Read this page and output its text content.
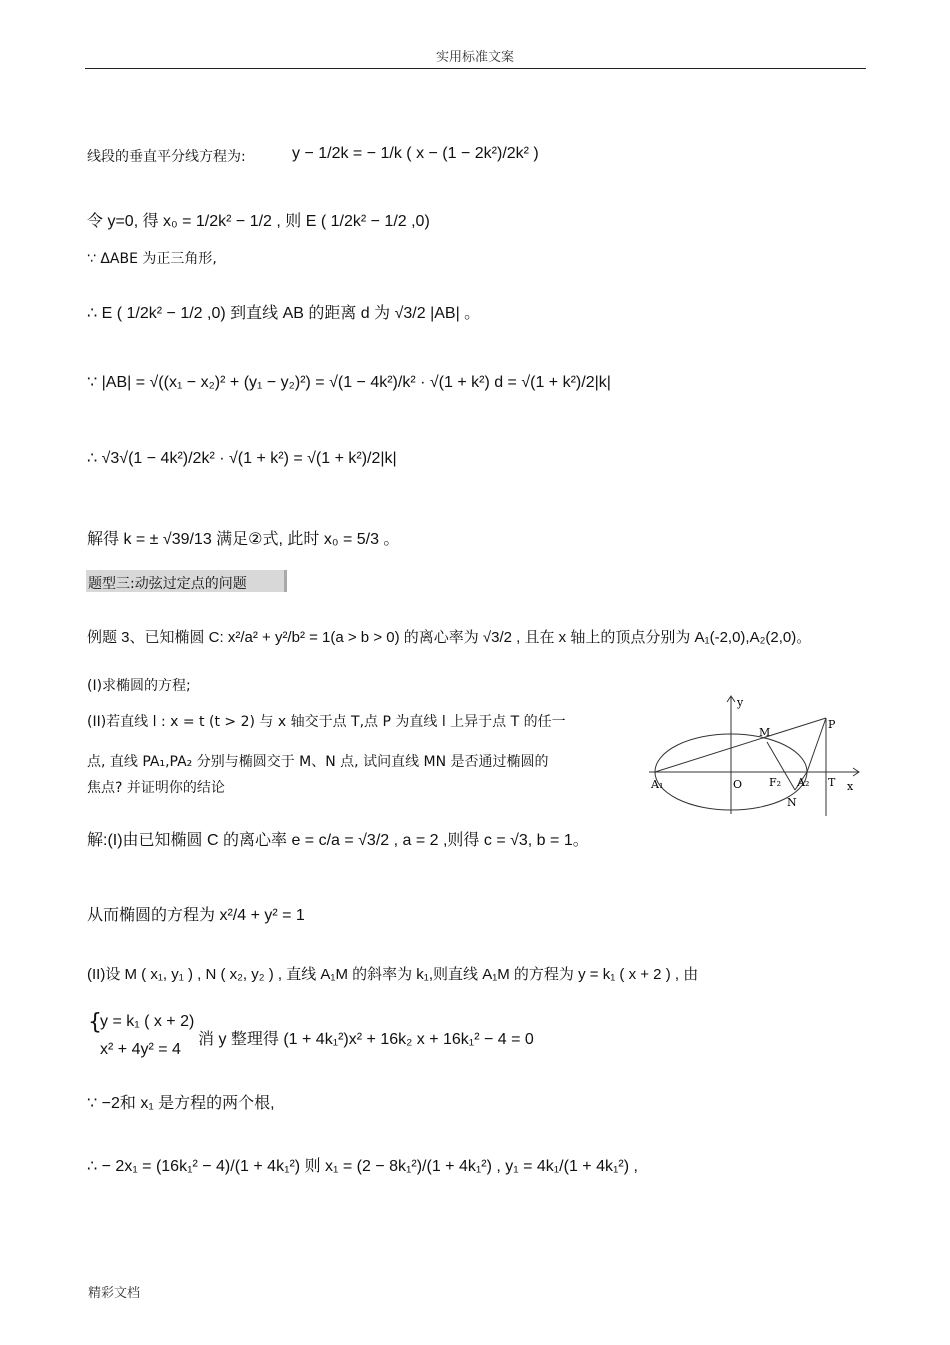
实用标准文案
线段的垂直平分线方程为:	y − 1/2k = − 1/k ( x − (1 − 2k²)/2k² )
令 y=0, 得 x₀ = 1/2k² − 1/2 , 则 E ( 1/2k² − 1/2 ,0)
∵ ΔABE 为正三角形,
∴ E ( 1/2k² − 1/2 ,0) 到直线 AB 的距离 d 为 √3/2 |AB| 。
∵ |AB| = √((x₁ − x₂)² + (y₁ − y₂)²) = √(1 − 4k²)/k² · √(1 + k²) d = √(1 + k²)/2|k|
∴ √3√(1 − 4k²)/2k² · √(1 + k²) = √(1 + k²)/2|k|
解得 k = ± √39/13 满足②式, 此时 x₀ = 5/3 。
题型三:动弦过定点的问题
例题 3、已知椭圆 C: x²/a² + y²/b² = 1(a > b > 0) 的离心率为 √3/2 , 且在 x 轴上的顶点分别为 A₁(-2,0),A₂(2,0)。
(I)求椭圆的方程;
(II)若直线 l : x = t (t > 2) 与 x 轴交于点 T,点 P 为直线 l 上异于点 T 的任一
点, 直线 PA₁,PA₂ 分别与椭圆交于 M、N 点, 试问直线 MN 是否通过椭圆的
焦点? 并证明你的结论
y
x
O
A₁	A₂
F₂	T
P
M
N
解:(I)由已知椭圆 C 的离心率 e = c/a = √3/2 , a = 2 ,则得 c = √3, b = 1。
从而椭圆的方程为 x²/4 + y² = 1
(II)设 M ( x₁, y₁ ) , N ( x₂, y₂ ) , 直线 A₁M 的斜率为 k₁,则直线 A₁M 的方程为 y = k₁ ( x + 2 ) , 由
{
y = k₁ ( x + 2)
x² + 4y² = 4
消 y 整理得 (1 + 4k₁²)x² + 16k₂ x + 16k₁² − 4 = 0
∵ −2和 x₁ 是方程的两个根,
∴ − 2x₁ = (16k₁² − 4)/(1 + 4k₁²) 则 x₁ = (2 − 8k₁²)/(1 + 4k₁²) , y₁ = 4k₁/(1 + 4k₁²) ,
精彩文档
